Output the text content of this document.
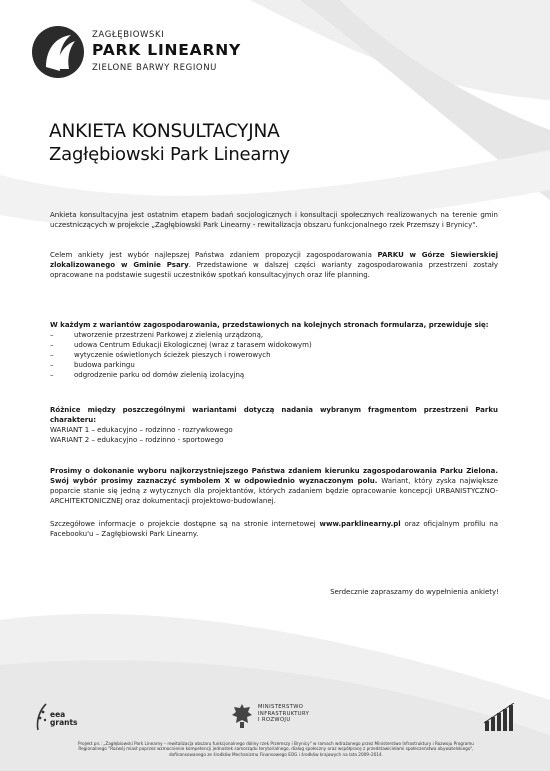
ZAGŁĘBIOWSKI
PARK LINEARNY
ZIELONE BARWY REGIONU
ANKIETA KONSULTACYJNA
Zagłębiowski Park Linearny

Ankieta konsultacyjna jest ostatnim etapem badań socjologicznych i konsultacji społecznych realizowanych na terenie gmin uczestniczących w projekcie „Zagłębiowski Park Linearny - rewitalizacja obszaru funkcjonalnego rzek Przemszy i Brynicy".

Celem ankiety jest wybór najlepszej Państwa zdaniem propozycji zagospodarowania PARKU w Górze Siewierskiej zlokalizowanego w Gminie Psary. Przedstawione w dalszej części warianty zagospodarowania przestrzeni zostały opracowane na podstawie sugestii uczestników spotkań konsultacyjnych oraz life planning.

W każdym z wariantów zagospodarowania, przedstawionych na kolejnych stronach formularza, przewiduje się:

– utworzenie przestrzeni Parkowej z zielenią urządzoną,
– udowa Centrum Edukacji Ekologicznej (wraz z tarasem widokowym)
– wytyczenie oświetlonych ścieżek pieszych i rowerowych
– budowa parkingu
– odgrodzenie parku od domów zielenią izolacyjną

Różnice między poszczególnymi wariantami dotyczą nadania wybranym fragmentom przestrzeni Parku charakteru:

WARIANT 1 – edukacyjno – rodzinno - rozrywkowego

WARIANT 2 – edukacyjno – rodzinno - sportowego

Prosimy o dokonanie wyboru najkorzystniejszego Państwa zdaniem kierunku zagospodarowania Parku Zielona. Swój wybór prosimy zaznaczyć symbolem X w odpowiednio wyznaczonym polu. Wariant, który zyska największe poparcie stanie się jedną z wytycznych dla projektantów, których zadaniem będzie opracowanie koncepcji URBANISTYCZNO-ARCHITEKTONICZNEJ oraz dokumentacji projektowo-budowlanej.

Szczegółowe informacje o projekcie dostępne są na stronie internetowej www.parklinearny.pl oraz oficjalnym profilu na Facebooku'u – Zagłębiowski Park Linearny.

Serdecznie zapraszamy do wypełnienia ankiety!
eea
grants
MINISTERSTWO
INFRASTRUKTURY
I ROZWOJU
Projekt pn.: „Zagłębiowski Park Linearny – rewitalizacja obszaru funkcjonalnego doliny rzek Przemszy i Brynicy" w ramach wdrażanego przez Ministerstwo Infrastruktury i Rozwoju Programu
Regionalnego "Rozwój miast poprzez wzmocnienie kompetencji jednostek samorządu terytorialnego, dialog społeczny oraz współpracę z przedstawicielami społeczeństwa obywatelskiego",
dofinansowanego ze środków Mechanizmu Finansowego EOG i środków krajowych na lata 2009–2014.
